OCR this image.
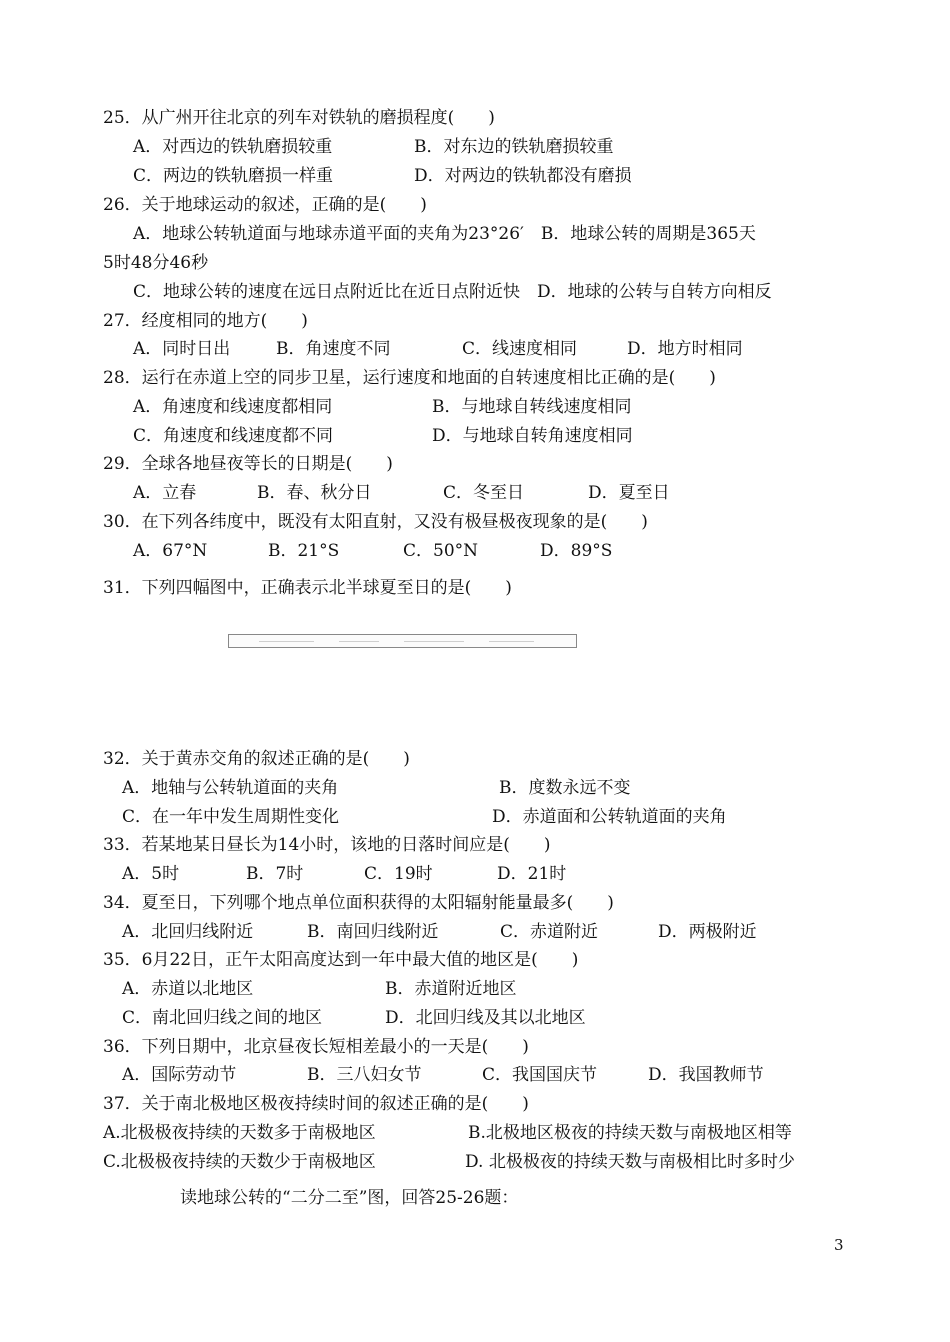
25．从广州开往北京的列车对铁轨的磨损程度(　　)
A．对西边的铁轨磨损较重	B．对东边的铁轨磨损较重
C．两边的铁轨磨损一样重	D．对两边的铁轨都没有磨损
26．关于地球运动的叙述，正确的是(　　)
A．地球公转轨道面与地球赤道平面的夹角为23°26′　B．地球公转的周期是365天
5时48分46秒
C．地球公转的速度在远日点附近比在近日点附近快　D．地球的公转与自转方向相反
27．经度相同的地方(　　)
A．同时日出	B．角速度不同	C．线速度相同	D．地方时相同
28．运行在赤道上空的同步卫星，运行速度和地面的自转速度相比正确的是(　　)
A．角速度和线速度都相同	B．与地球自转线速度相同
C．角速度和线速度都不同	D．与地球自转角速度相同
29．全球各地昼夜等长的日期是(　　)
A．立春	B．春、秋分日	C．冬至日	D．夏至日
30．在下列各纬度中，既没有太阳直射，又没有极昼极夜现象的是(　　)
A．67°N	B．21°S	C．50°N	D．89°S
31．下列四幅图中，正确表示北半球夏至日的是(　　)
32．关于黄赤交角的叙述正确的是(　　)
A．地轴与公转轨道面的夹角	B．度数永远不变
C．在一年中发生周期性变化	D．赤道面和公转轨道面的夹角
33．若某地某日昼长为14小时，该地的日落时间应是(　　)
A．5时	B．7时	C．19时	D．21时
34．夏至日，下列哪个地点单位面积获得的太阳辐射能量最多(　　)
A．北回归线附近	B．南回归线附近	C．赤道附近	D．两极附近
35．6月22日，正午太阳高度达到一年中最大值的地区是(　　)
A．赤道以北地区	B．赤道附近地区
C．南北回归线之间的地区	D．北回归线及其以北地区
36．下列日期中，北京昼夜长短相差最小的一天是(　　)
A．国际劳动节	B．三八妇女节	C．我国国庆节	D．我国教师节
37．关于南北极地区极夜持续时间的叙述正确的是(　　)
A.北极极夜持续的天数多于南极地区	B.北极地区极夜的持续天数与南极地区相等
C.北极极夜持续的天数少于南极地区	D. 北极极夜的持续天数与南极相比时多时少
读地球公转的“二分二至”图，回答25-26题：
3
